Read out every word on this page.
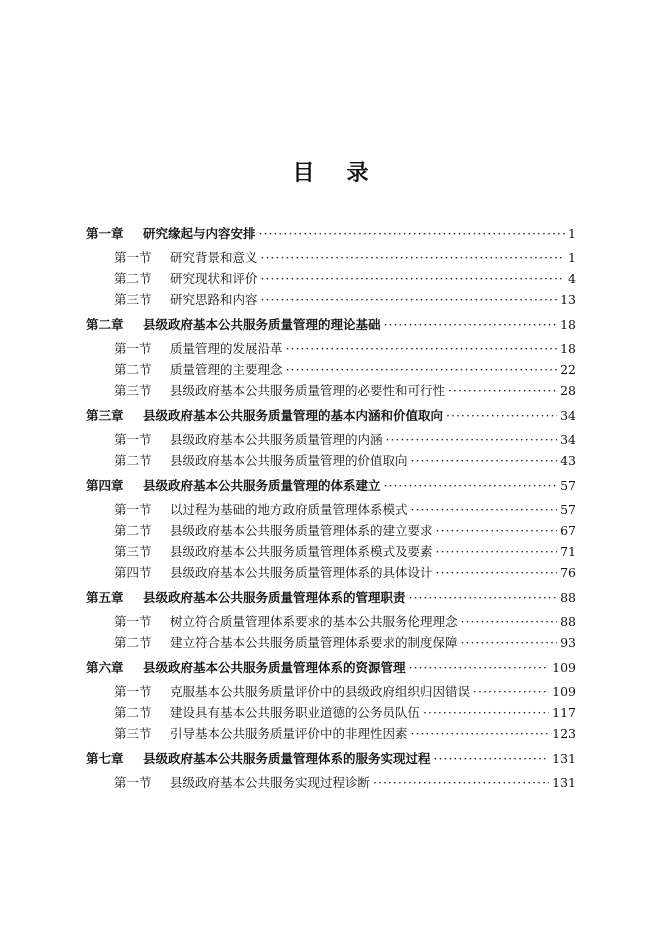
目 录
第一章	研究缘起与内容安排 ·····	1
第一节	研究背景和意义 ·····	1
第二节	研究现状和评价 ·····	4
第三节	研究思路和内容 ·····	13
第二章	县级政府基本公共服务质量管理的理论基础 ·····	18
第一节	质量管理的发展沿革 ·····	18
第二节	质量管理的主要理念 ·····	22
第三节	县级政府基本公共服务质量管理的必要性和可行性 ·····	28
第三章	县级政府基本公共服务质量管理的基本内涵和价值取向 ·····	34
第一节	县级政府基本公共服务质量管理的内涵 ·····	34
第二节	县级政府基本公共服务质量管理的价值取向 ·····	43
第四章	县级政府基本公共服务质量管理的体系建立 ·····	57
第一节	以过程为基础的地方政府质量管理体系模式 ·····	57
第二节	县级政府基本公共服务质量管理体系的建立要求 ·····	67
第三节	县级政府基本公共服务质量管理体系模式及要素 ·····	71
第四节	县级政府基本公共服务质量管理体系的具体设计 ·····	76
第五章	县级政府基本公共服务质量管理体系的管理职责 ·····	88
第一节	树立符合质量管理体系要求的基本公共服务伦理理念 ·····	88
第二节	建立符合基本公共服务质量管理体系要求的制度保障 ·····	93
第六章	县级政府基本公共服务质量管理体系的资源管理 ·····	109
第一节	克服基本公共服务质量评价中的县级政府组织归因错误 ·····	109
第二节	建设具有基本公共服务职业道德的公务员队伍 ·····	117
第三节	引导基本公共服务质量评价中的非理性因素 ·····	123
第七章	县级政府基本公共服务质量管理体系的服务实现过程 ·····	131
第一节	县级政府基本公共服务实现过程诊断 ·····	131
